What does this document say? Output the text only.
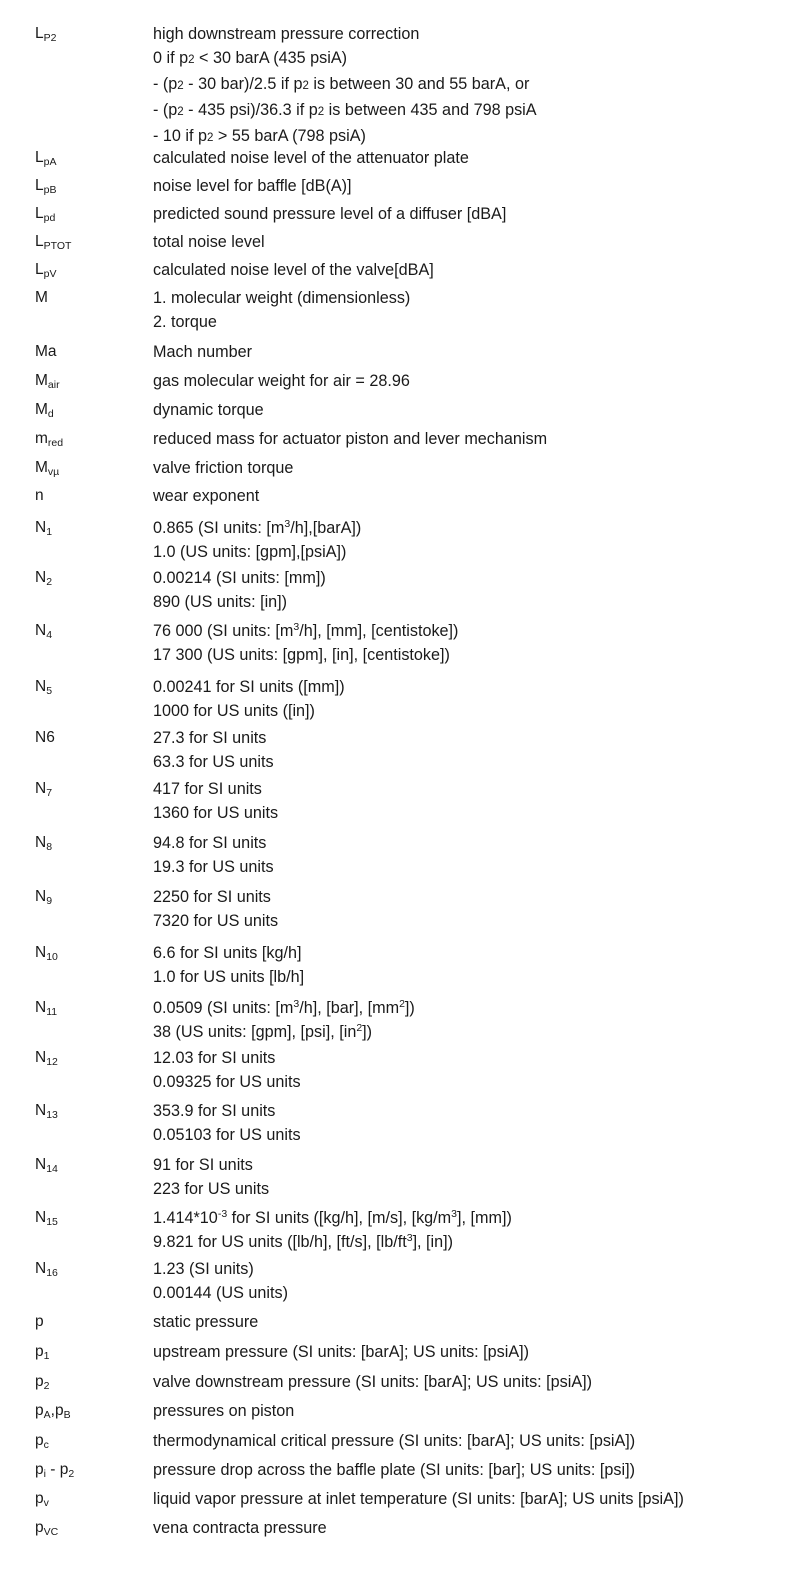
$L_{P2}$	high downstream pressure correction
0 if p2 < 30 barA (435 psiA)
- (p2 - 30 bar)/2.5 if p2 is between 30 and 55 barA, or
- (p2 - 435 psi)/36.3 if p2 is between 435 and 798 psiA
- 10 if p2 > 55 barA (798 psiA)
$L_{pA}$	calculated noise level of the attenuator plate
$L_{pB}$	noise level for baffle [dB(A)]
$L_{pd}$	predicted sound pressure level of a diffuser [dBA]
$L_{PTOT}$	total noise level
$L_{pV}$	calculated noise level of the valve[dBA]
M	1. molecular weight (dimensionless)
2. torque
Ma	Mach number
$M_{air}$	gas molecular weight for air = 28.96
$M_d$	dynamic torque
$m_{red}$	reduced mass for actuator piston and lever mechanism
$M_{v\mu}$	valve friction torque
n	wear exponent
$N_1$	0.865 (SI units: $[m^3/h],[barA]$)
1.0 (US units: [gpm],[psiA])
$N_2$	0.00214 (SI units: [mm])
890 (US units: [in])
$N_4$	76 000 (SI units: $[m^3/h]$, [mm], [centistoke])
17 300 (US units: [gpm], [in], [centistoke])
$N_5$	0.00241 for SI units ([mm])
1000 for US units ([in])
N6	27.3 for SI units
63.3 for US units
$N_7$	417 for SI units
1360 for US units
$N_8$	94.8 for SI units
19.3 for US units
$N_9$	2250 for SI units
7320 for US units
$N_{10}$	6.6 for SI units [kg/h]
1.0 for US units [lb/h]
$N_{11}$	0.0509 (SI units: $[m^3/h]$, [bar], $[mm^2]$)
38 (US units: [gpm], [psi], $[in^2]$)
$N_{12}$	12.03 for SI units
0.09325 for US units
$N_{13}$	353.9 for SI units
0.05103 for US units
$N_{14}$	91 for SI units
223 for US units
$N_{15}$	$1.414*10^{-3}$ for SI units ([kg/h], [m/s], $[kg/m^3]$, [mm])
9.821 for US units ([lb/h], [ft/s], $[lb/ft^3]$, [in])
$N_{16}$	1.23 (SI units)
0.00144 (US units)
p	static pressure
$p_1$	upstream pressure (SI units: [barA]; US units: [psiA])
$p_2$	valve downstream pressure (SI units: [barA]; US units: [psiA])
$p_A,p_B$	pressures on piston
$p_c$	thermodynamical critical pressure (SI units: [barA]; US units: [psiA])
$p_i - p_2$	pressure drop across the baffle plate (SI units: [bar]; US units: [psi])
$p_v$	liquid vapor pressure at inlet temperature (SI units: [barA]; US units [psiA])
$p_{VC}$	vena contracta pressure
